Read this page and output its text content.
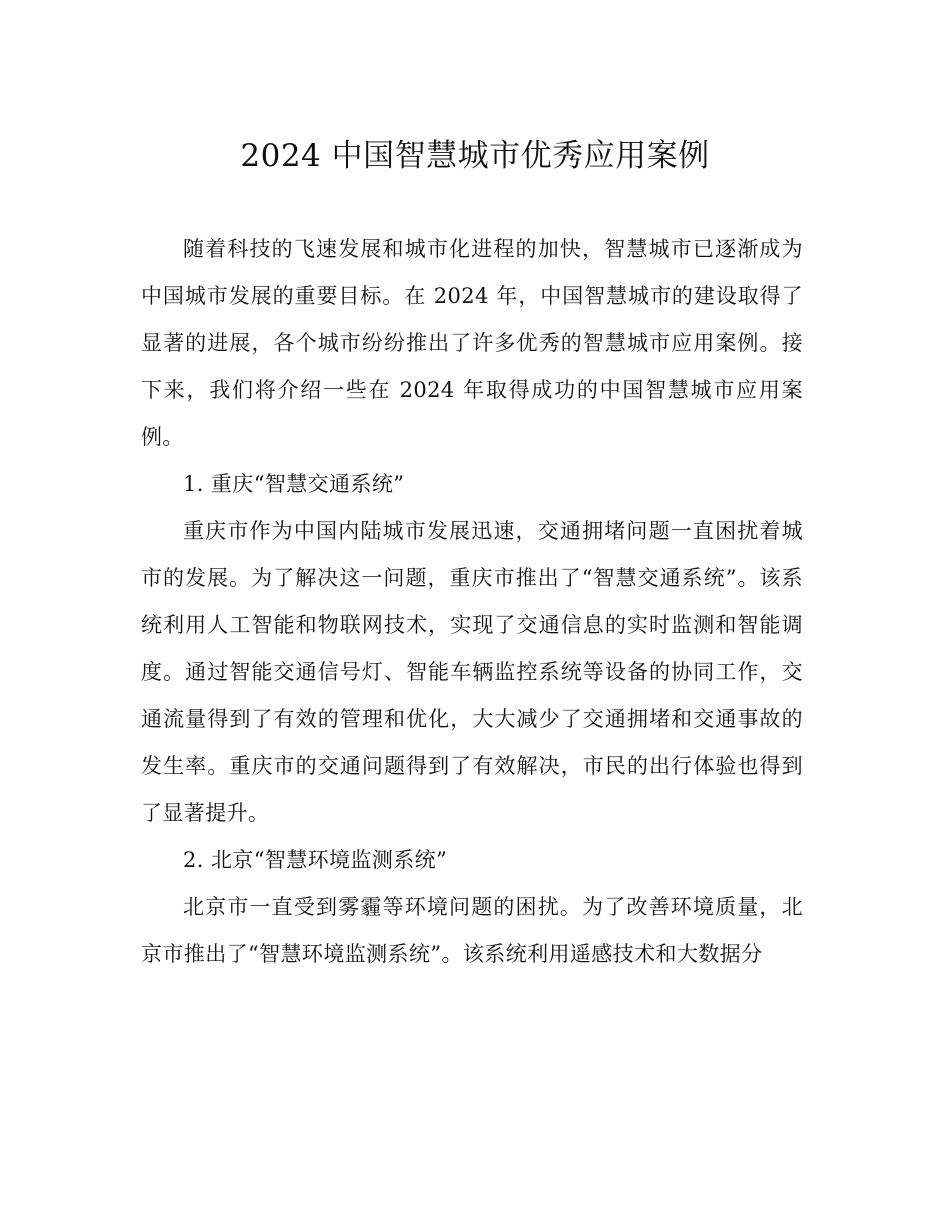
2024 中国智慧城市优秀应用案例

随着科技的飞速发展和城市化进程的加快，智慧城市已逐渐成为中国城市发展的重要目标。在 2024 年，中国智慧城市的建设取得了显著的进展，各个城市纷纷推出了许多优秀的智慧城市应用案例。接下来，我们将介绍一些在 2024 年取得成功的中国智慧城市应用案例。

1. 重庆“智慧交通系统”

重庆市作为中国内陆城市发展迅速，交通拥堵问题一直困扰着城市的发展。为了解决这一问题，重庆市推出了“智慧交通系统”。该系统利用人工智能和物联网技术，实现了交通信息的实时监测和智能调度。通过智能交通信号灯、智能车辆监控系统等设备的协同工作，交通流量得到了有效的管理和优化，大大减少了交通拥堵和交通事故的发生率。重庆市的交通问题得到了有效解决，市民的出行体验也得到了显著提升。

2. 北京“智慧环境监测系统”

北京市一直受到雾霾等环境问题的困扰。为了改善环境质量，北京市推出了“智慧环境监测系统”。该系统利用遥感技术和大数据分
